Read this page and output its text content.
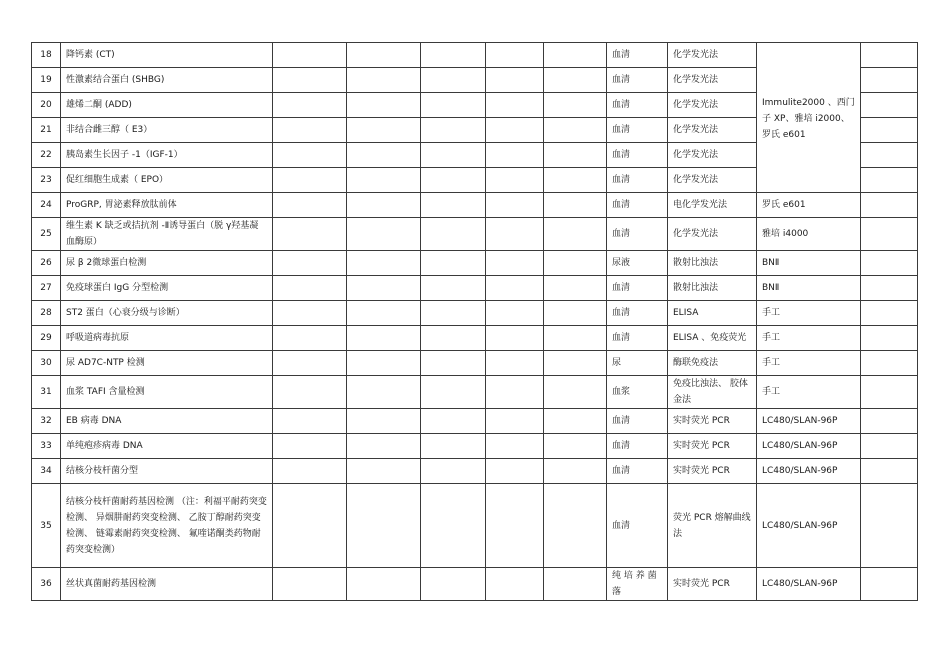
18	降钙素 (CT)						血清	化学发光法	Immulite2000 、西门子 XP、雅培 i2000、罗氏 e601	
19	性激素结合蛋白 (SHBG)						血清	化学发光法		
20	雄烯二酮 (ADD)						血清	化学发光法		
21	非结合雌三醇（ E3）						血清	化学发光法		
22	胰岛素生长因子 -1（IGF-1）						血清	化学发光法		
23	促红细胞生成素（ EPO）						血清	化学发光法		
24	ProGRP, 胃泌素释放肽前体						血清	电化学发光法	罗氏 e601	
25	维生素 K 缺乏或拮抗剂 -Ⅱ诱导蛋白（脱 γ羟基凝血酶原）						血清	化学发光法	雅培 i4000	
26	尿 β 2微球蛋白检测						尿液	散射比浊法	BNⅡ	
27	免疫球蛋白 IgG 分型检测						血清	散射比浊法	BNⅡ	
28	ST2 蛋白（心衰分级与诊断）						血清	ELISA	手工	
29	呼吸道病毒抗原						血清	ELISA 、免疫荧光	手工	
30	尿 AD7C-NTP 检测						尿	酶联免疫法	手工	
31	血浆 TAFI 含量检测						血浆	免疫比浊法、 胶体金法	手工	
32	EB 病毒 DNA						血清	实时荧光 PCR	LC480/SLAN-96P	
33	单纯疱疹病毒 DNA						血清	实时荧光 PCR	LC480/SLAN-96P	
34	结核分枝杆菌分型						血清	实时荧光 PCR	LC480/SLAN-96P	
35	结核分枝杆菌耐药基因检测 （注：利福平耐药突变检测、 异烟肼耐药突变检测、 乙胺丁醇耐药突变检测、 链霉素耐药突变检测、 氟喹诺酮类药物耐药突变检测）						血清	荧光 PCR 熔解曲线法	LC480/SLAN-96P	
36	丝状真菌耐药基因检测						纯 培 养 菌 落	实时荧光 PCR	LC480/SLAN-96P	
